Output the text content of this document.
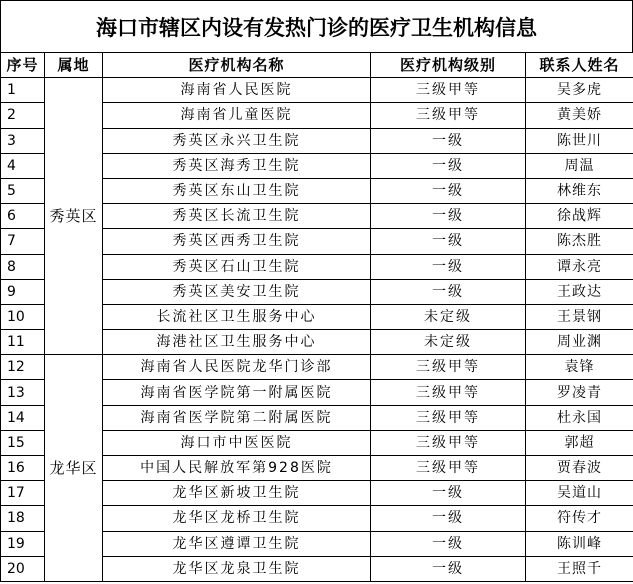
海口市辖区内设有发热门诊的医疗卫生机构信息
序号	属地	医疗机构名称	医疗机构级别	联系人姓名
1	秀英区	海南省人民医院	三级甲等	吴多虎
2		海南省儿童医院	三级甲等	黄美娇
3		秀英区永兴卫生院	一级	陈世川
4		秀英区海秀卫生院	一级	周温
5		秀英区东山卫生院	一级	林维东
6		秀英区长流卫生院	一级	徐战辉
7		秀英区西秀卫生院	一级	陈杰胜
8		秀英区石山卫生院	一级	谭永亮
9		秀英区美安卫生院	一级	王政达
10		长流社区卫生服务中心	未定级	王景钢
11		海港社区卫生服务中心	未定级	周业渊
12	龙华区	海南省人民医院龙华门诊部	三级甲等	袁锋
13		海南省医学院第一附属医院	三级甲等	罗凌青
14		海南省医学院第二附属医院	三级甲等	杜永国
15		海口市中医医院	三级甲等	郭超
16		中国人民解放军第928医院	三级甲等	贾春波
17		龙华区新坡卫生院	一级	吴道山
18		龙华区龙桥卫生院	一级	符传才
19		龙华区遵谭卫生院	一级	陈训峰
20		龙华区龙泉卫生院	一级	王照千
